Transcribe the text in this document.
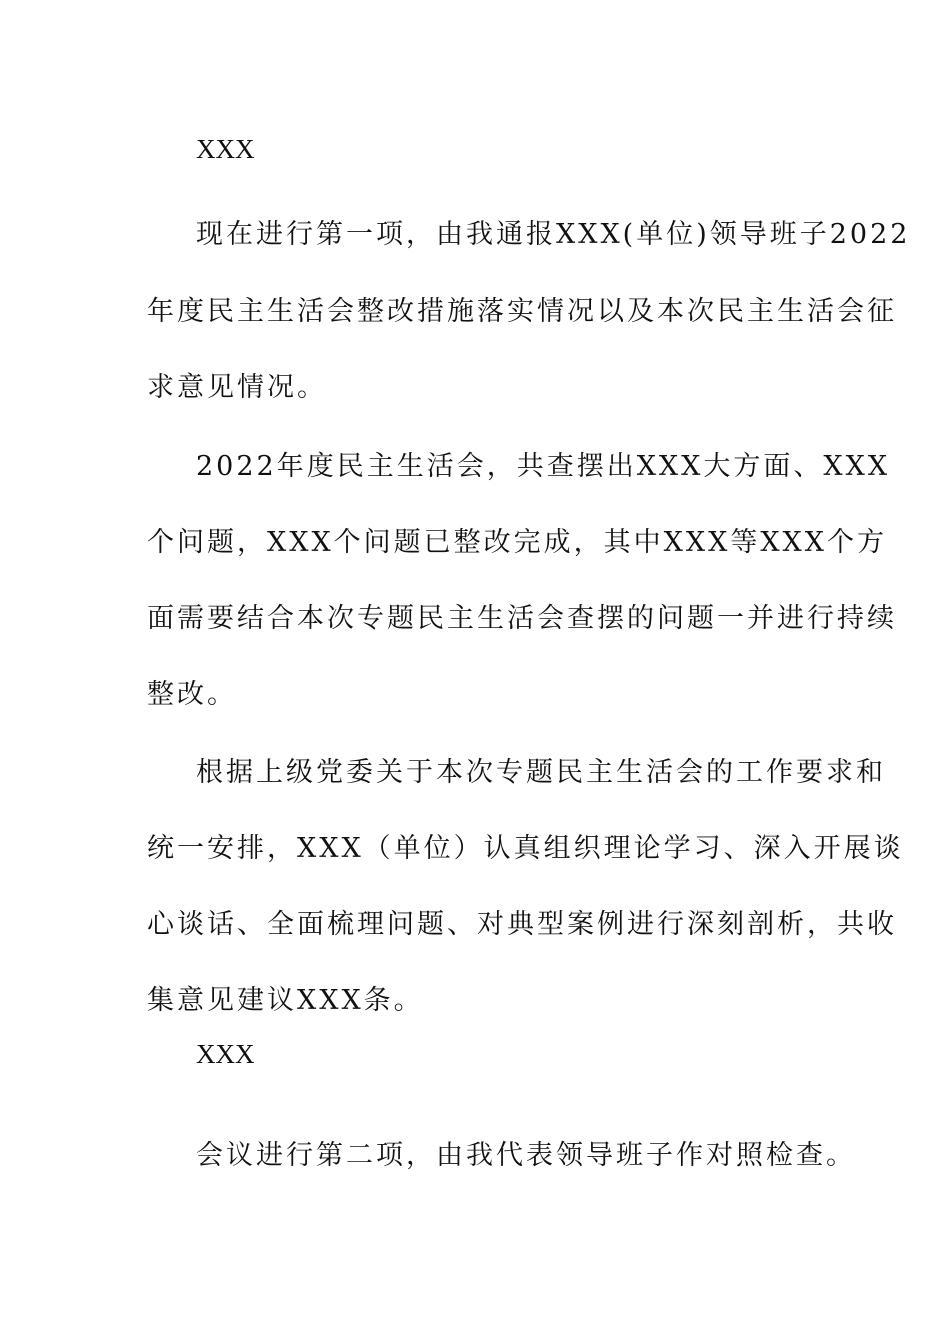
XXX
现在进行第一项，由我通报XXX(单位)领导班子2022
年度民主生活会整改措施落实情况以及本次民主生活会征
求意见情况。
2022年度民主生活会，共查摆出XXX大方面、XXX
个问题，XXX个问题已整改完成，其中XXX等XXX个方
面需要结合本次专题民主生活会查摆的问题一并进行持续
整改。
根据上级党委关于本次专题民主生活会的工作要求和
统一安排，XXX（单位）认真组织理论学习、深入开展谈
心谈话、全面梳理问题、对典型案例进行深刻剖析，共收
集意见建议XXX条。
XXX
会议进行第二项，由我代表领导班子作对照检查。
